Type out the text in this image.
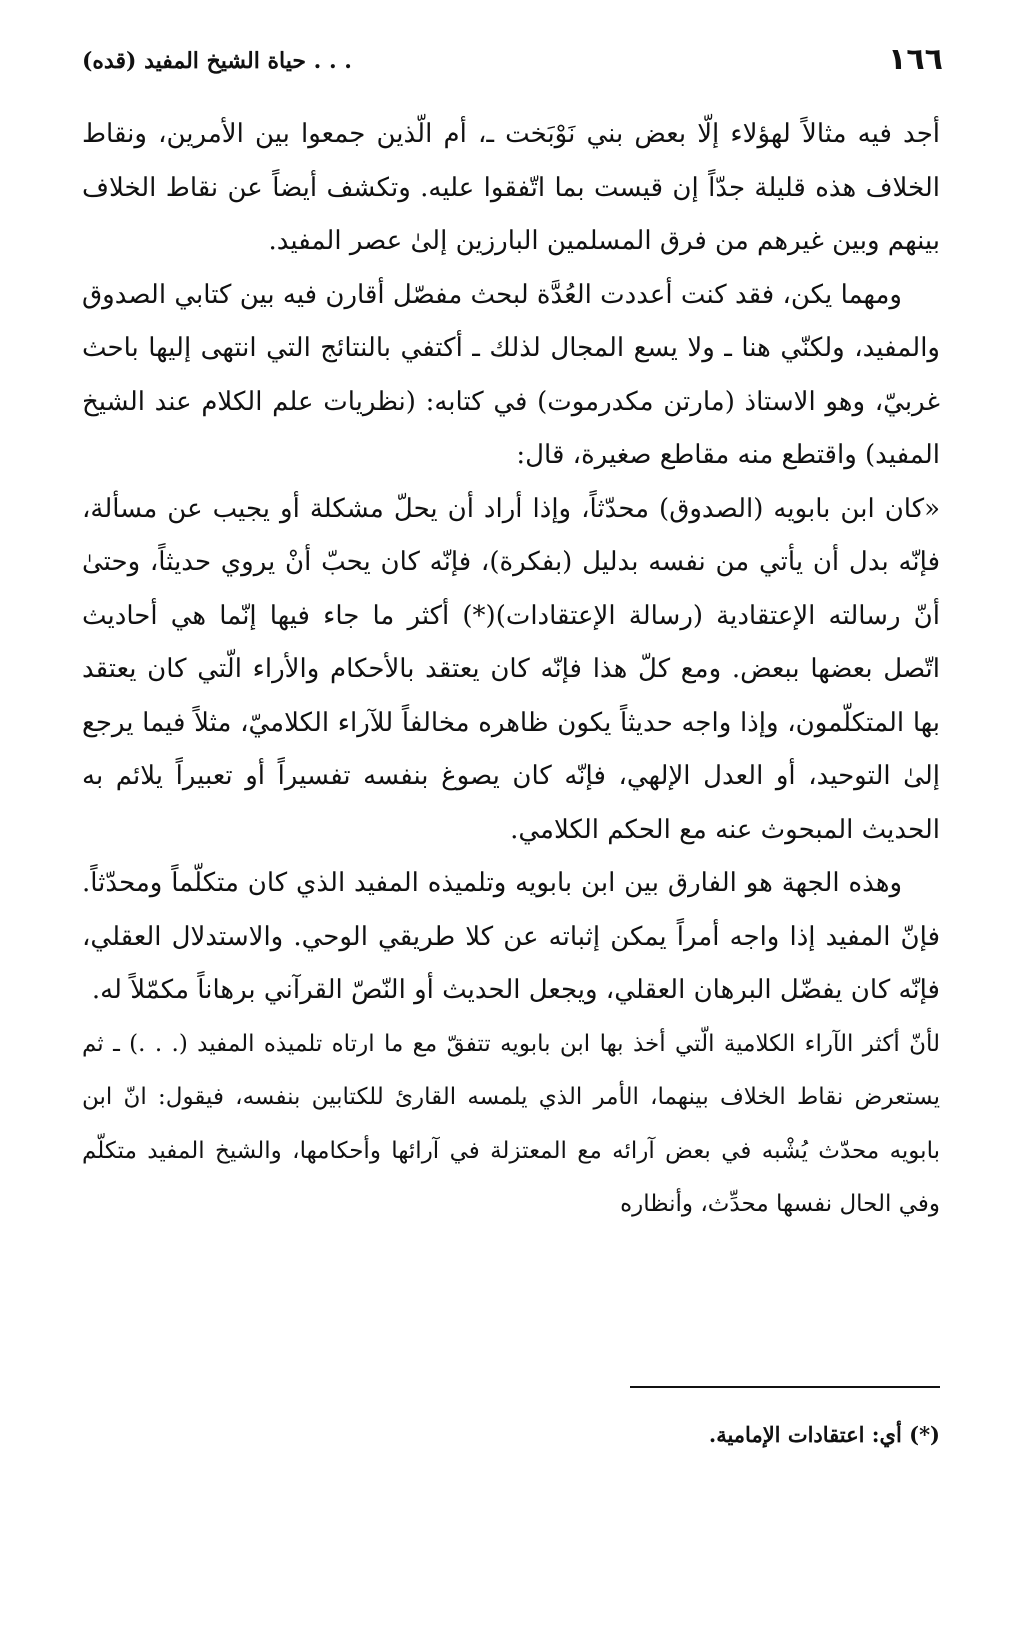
١٦٦
. . . حياة الشيخ المفيد (قده)

أجد فيه مثالاً لهؤلاء إلّا بعض بني نَوْبَخت ـ، أم الّذين جمعوا بين الأمرين، ونقاط الخلاف هذه قليلة جدّاً إن قيست بما اتّفقوا عليه. وتكشف أيضاً عن نقاط الخلاف بينهم وبين غيرهم من فرق المسلمين البارزين إلىٰ عصر المفيد.

ومهما يكن، فقد كنت أعددت العُدَّة لبحث مفصّل أقارن فيه بين كتابي الصدوق والمفيد، ولكنّي هنا ـ ولا يسع المجال لذلك ـ أكتفي بالنتائج التي انتهى إليها باحث غربيّ، وهو الاستاذ (مارتن مكدرموت) في كتابه: (نظريات علم الكلام عند الشيخ المفيد) واقتطع منه مقاطع صغيرة، قال:

«كان ابن بابويه (الصدوق) محدّثاً، وإذا أراد أن يحلّ مشكلة أو يجيب عن مسألة، فإنّه بدل أن يأتي من نفسه بدليل (بفكرة)، فإنّه كان يحبّ أنْ يروي حديثاً، وحتىٰ أنّ رسالته الإعتقادية (رسالة الإعتقادات)(*) أكثر ما جاء فيها إنّما هي أحاديث اتّصل بعضها ببعض. ومع كلّ هذا فإنّه كان يعتقد بالأحكام والأراء الّتي كان يعتقد بها المتكلّمون، وإذا واجه حديثاً يكون ظاهره مخالفاً للآراء الكلاميّ، مثلاً فيما يرجع إلىٰ التوحيد، أو العدل الإلهي، فإنّه كان يصوغ بنفسه تفسيراً أو تعبيراً يلائم به الحديث المبحوث عنه مع الحكم الكلامي.

وهذه الجهة هو الفارق بين ابن بابويه وتلميذه المفيد الذي كان متكلّماً ومحدّثاً. فإنّ المفيد إذا واجه أمراً يمكن إثباته عن كلا طريقي الوحي. والاستدلال العقلي، فإنّه كان يفضّل البرهان العقلي، ويجعل الحديث أو النّصّ القرآني برهاناً مكمّلاً له.

لأنّ أكثر الآراء الكلامية الّتي أخذ بها ابن بابويه تتفقّ مع ما ارتاه تلميذه المفيد (. . .) ـ ثم يستعرض نقاط الخلاف بينهما، الأمر الذي يلمسه القارئ للكتابين بنفسه، فيقول: انّ ابن بابويه محدّث يُشْبه في بعض آرائه مع المعتزلة في آرائها وأحكامها، والشيخ المفيد متكلّم وفي الحال نفسها محدِّث، وأنظاره

(*) أي: اعتقادات الإمامية.
